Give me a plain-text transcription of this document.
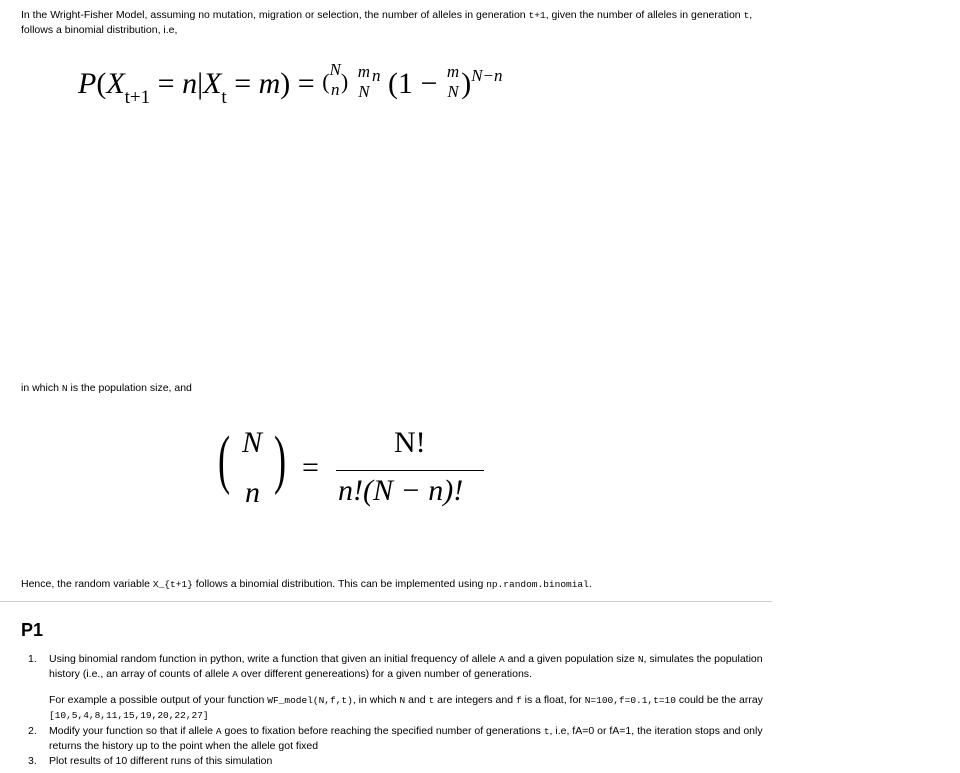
In the Wright-Fisher Model, assuming no mutation, migration or selection, the number of alleles in generation t+1, given the number of alleles in generation t,
follows a binomial distribution, i.e,

$P(X_{t+1} = n|X_t = m)$ = ( N
n ) m
N
$^n$ (1 − m
N )$^{N-n}$

in which N is the population size, and

( N
n ) =
N!
n!(N − n)!

Hence, the random variable X_{t+1} follows a binomial distribution. This can be implemented using np.random.binomial.

P1
1.	Using binomial random function in python, write a function that given an initial frequency of allele A and a given population size N, simulates the population history (i.e., an array of counts of allele A over different genereations) for a given number of generations.
For example a possible output of your function WF_model(N,f,t), in which N and t are integers and f is a float, for N=100,f=0.1,t=10 could be the array
[10,5,4,8,11,15,19,20,22,27]
2.	Modify your function so that if allele A goes to fixation before reaching the specified number of generations t, i.e, fA=0 or fA=1, the iteration stops and only returns the history up to the point when the allele got fixed
3.	Plot results of 10 different runs of this simulation
